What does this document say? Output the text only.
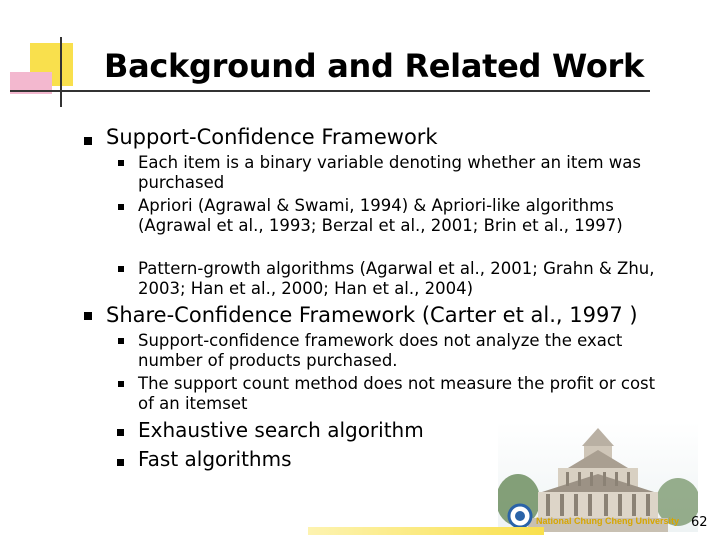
Background and Related Work
Support-Confidence Framework
Each item is a binary variable denoting whether an item was purchased
Apriori (Agrawal & Swami, 1994) & Apriori-like algorithms (Agrawal et al., 1993; Berzal et al., 2001; Brin et al., 1997)
Pattern-growth algorithms (Agarwal et al., 2001; Grahn & Zhu, 2003; Han et al., 2000; Han et al., 2004)
Share-Confidence Framework (Carter et al., 1997 )
Support-confidence framework does not analyze the exact number of products purchased.
The support count method does not measure the profit or cost of an itemset
Exhaustive search algorithm
Fast algorithms
National Chung Cheng University 62
